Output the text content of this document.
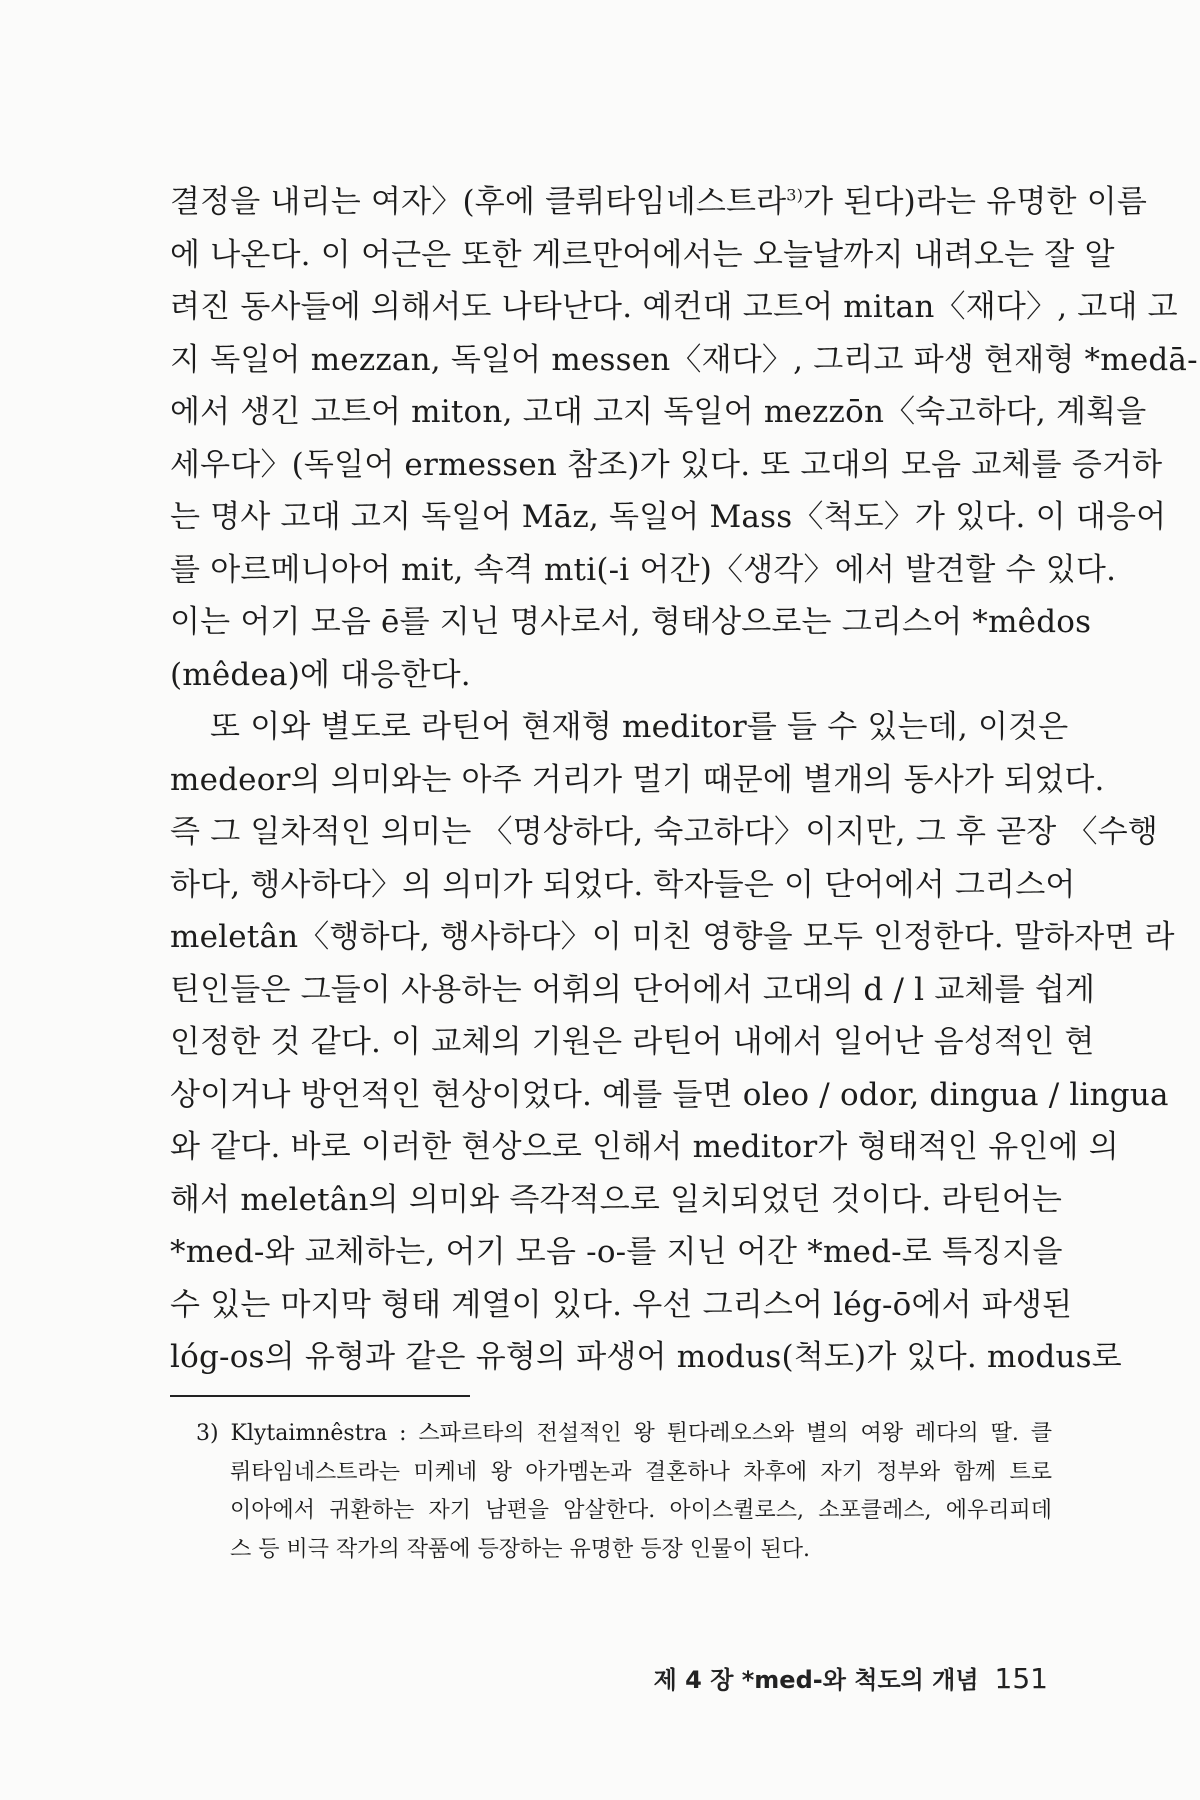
결정을 내리는 여자〉(후에 클뤼타임네스트라$^{3)}$가 된다)라는 유명한 이름
에 나온다. 이 어근은 또한 게르만어에서는 오늘날까지 내려오는 잘 알
려진 동사들에 의해서도 나타난다. 예컨대 고트어 mitan〈재다〉, 고대 고
지 독일어 mezzan, 독일어 messen〈재다〉, 그리고 파생 현재형 *medā-
에서 생긴 고트어 miton, 고대 고지 독일어 mezzōn〈숙고하다, 계획을
세우다〉(독일어 ermessen 참조)가 있다. 또 고대의 모음 교체를 증거하
는 명사 고대 고지 독일어 Māz, 독일어 Mass〈척도〉가 있다. 이 대응어
를 아르메니아어 mit, 속격 mti(-i 어간)〈생각〉에서 발견할 수 있다.
이는 어기 모음 ē를 지닌 명사로서, 형태상으로는 그리스어 *mêdos
(mêdea)에 대응한다.
또 이와 별도로 라틴어 현재형 meditor를 들 수 있는데, 이것은
medeor의 의미와는 아주 거리가 멀기 때문에 별개의 동사가 되었다.
즉 그 일차적인 의미는 〈명상하다, 숙고하다〉이지만, 그 후 곧장 〈수행
하다, 행사하다〉의 의미가 되었다. 학자들은 이 단어에서 그리스어
meletân〈행하다, 행사하다〉이 미친 영향을 모두 인정한다. 말하자면 라
틴인들은 그들이 사용하는 어휘의 단어에서 고대의 d / l 교체를 쉽게
인정한 것 같다. 이 교체의 기원은 라틴어 내에서 일어난 음성적인 현
상이거나 방언적인 현상이었다. 예를 들면 oleo / odor, dingua / lingua
와 같다. 바로 이러한 현상으로 인해서 meditor가 형태적인 유인에 의
해서 meletân의 의미와 즉각적으로 일치되었던 것이다. 라틴어는
*med-와 교체하는, 어기 모음 -o-를 지닌 어간 *med-로 특징지을
수 있는 마지막 형태 계열이 있다. 우선 그리스어 lég-ō에서 파생된
lóg-os의 유형과 같은 유형의 파생어 modus(척도)가 있다. modus로
3) Klytaimnêstra : 스파르타의 전설적인 왕 튄다레오스와 별의 여왕 레다의 딸. 클
뤼타임네스트라는 미케네 왕 아가멤논과 결혼하나 차후에 자기 정부와 함께 트로
이아에서 귀환하는 자기 남편을 암살한다. 아이스퀼로스, 소포클레스, 에우리피데
스 등 비극 작가의 작품에 등장하는 유명한 등장 인물이 된다.
제 4 장 *med-와 척도의 개념 151
